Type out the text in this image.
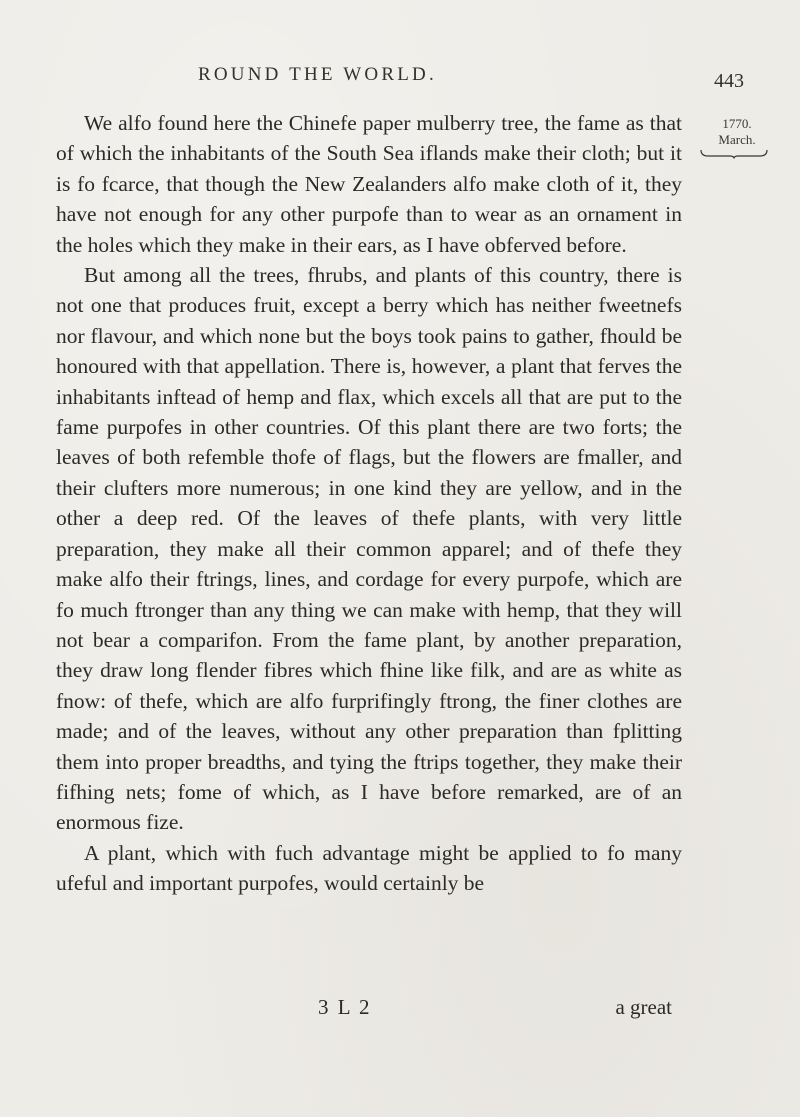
ROUND THE WORLD.	443
1770.
March.

We alfo found here the Chinefe paper mulberry tree, the fame as that of which the inhabitants of the South Sea iflands make their cloth; but it is fo fcarce, that though the New Zealanders alfo make cloth of it, they have not enough for any other purpofe than to wear as an ornament in the holes which they make in their ears, as I have obferved before.

But among all the trees, fhrubs, and plants of this country, there is not one that produces fruit, except a berry which has neither fweetnefs nor flavour, and which none but the boys took pains to gather, fhould be honoured with that appellation. There is, however, a plant that ferves the inhabitants inftead of hemp and flax, which excels all that are put to the fame purpofes in other countries. Of this plant there are two forts; the leaves of both refemble thofe of flags, but the flowers are fmaller, and their clufters more numerous; in one kind they are yellow, and in the other a deep red. Of the leaves of thefe plants, with very little preparation, they make all their common apparel; and of thefe they make alfo their ftrings, lines, and cordage for every purpofe, which are fo much ftronger than any thing we can make with hemp, that they will not bear a comparifon. From the fame plant, by another preparation, they draw long flender fibres which fhine like filk, and are as white as fnow: of thefe, which are alfo furprifingly ftrong, the finer clothes are made; and of the leaves, without any other preparation than fplitting them into proper breadths, and tying the ftrips together, they make their fifhing nets; fome of which, as I have before remarked, are of an enormous fize.

A plant, which with fuch advantage might be applied to fo many ufeful and important purpofes, would certainly be

3 L 2	a great
